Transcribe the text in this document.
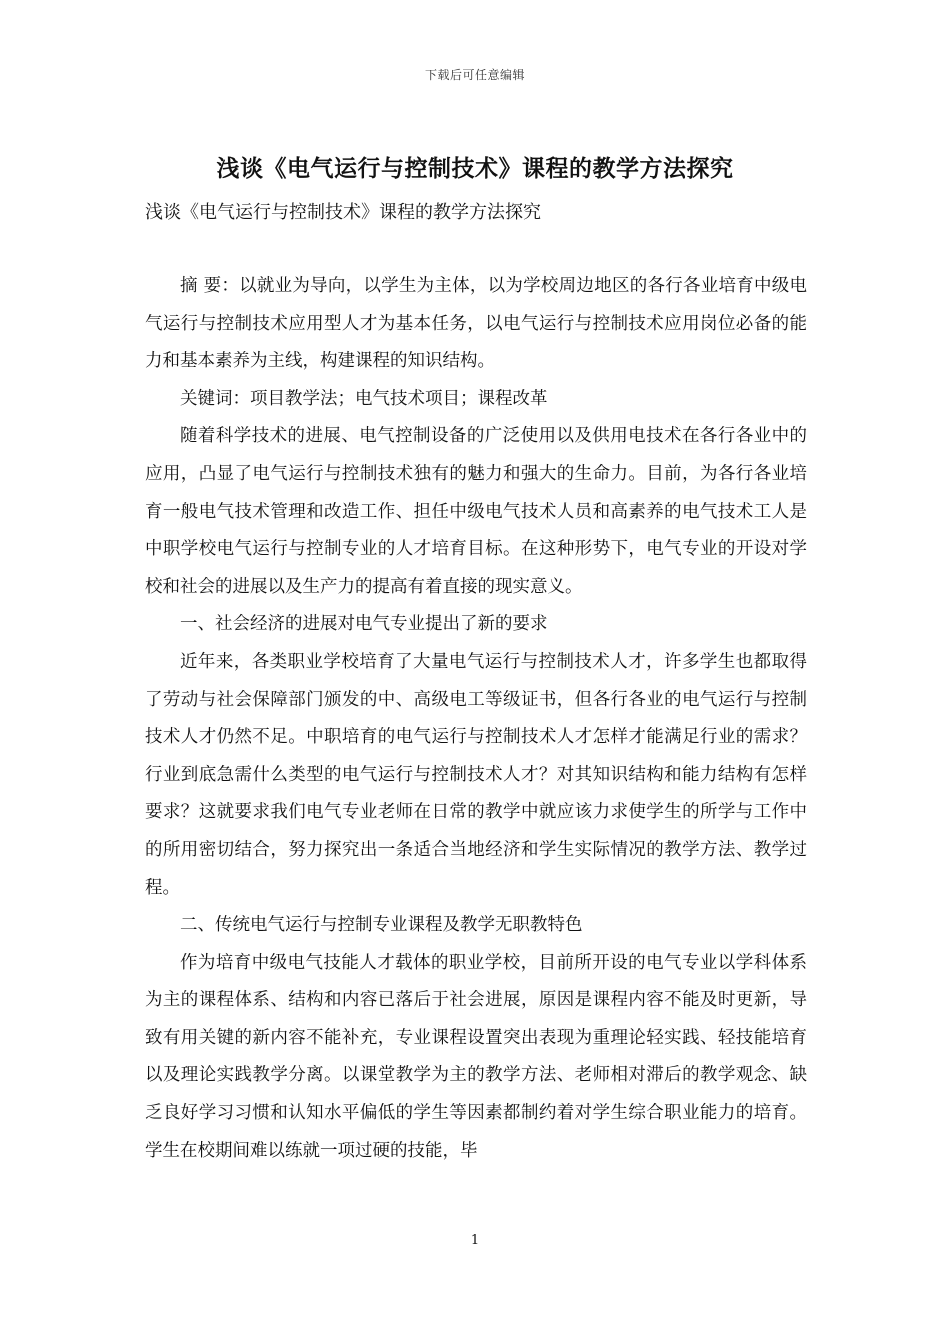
下载后可任意编辑
浅谈《电气运行与控制技术》课程的教学方法探究
浅谈《电气运行与控制技术》课程的教学方法探究

摘 要：以就业为导向，以学生为主体，以为学校周边地区的各行各业培育中级电气运行与控制技术应用型人才为基本任务，以电气运行与控制技术应用岗位必备的能力和基本素养为主线，构建课程的知识结构。

关键词：项目教学法；电气技术项目；课程改革

随着科学技术的进展、电气控制设备的广泛使用以及供用电技术在各行各业中的应用，凸显了电气运行与控制技术独有的魅力和强大的生命力。目前，为各行各业培育一般电气技术管理和改造工作、担任中级电气技术人员和高素养的电气技术工人是中职学校电气运行与控制专业的人才培育目标。在这种形势下，电气专业的开设对学校和社会的进展以及生产力的提高有着直接的现实意义。

一、社会经济的进展对电气专业提出了新的要求

近年来，各类职业学校培育了大量电气运行与控制技术人才，许多学生也都取得了劳动与社会保障部门颁发的中、高级电工等级证书，但各行各业的电气运行与控制技术人才仍然不足。中职培育的电气运行与控制技术人才怎样才能满足行业的需求？行业到底急需什么类型的电气运行与控制技术人才？对其知识结构和能力结构有怎样要求？这就要求我们电气专业老师在日常的教学中就应该力求使学生的所学与工作中的所用密切结合，努力探究出一条适合当地经济和学生实际情况的教学方法、教学过程。

二、传统电气运行与控制专业课程及教学无职教特色

作为培育中级电气技能人才载体的职业学校，目前所开设的电气专业以学科体系为主的课程体系、结构和内容已落后于社会进展，原因是课程内容不能及时更新，导致有用关键的新内容不能补充，专业课程设置突出表现为重理论轻实践、轻技能培育以及理论实践教学分离。以课堂教学为主的教学方法、老师相对滞后的教学观念、缺乏良好学习习惯和认知水平偏低的学生等因素都制约着对学生综合职业能力的培育。学生在校期间难以练就一项过硬的技能，毕

1
